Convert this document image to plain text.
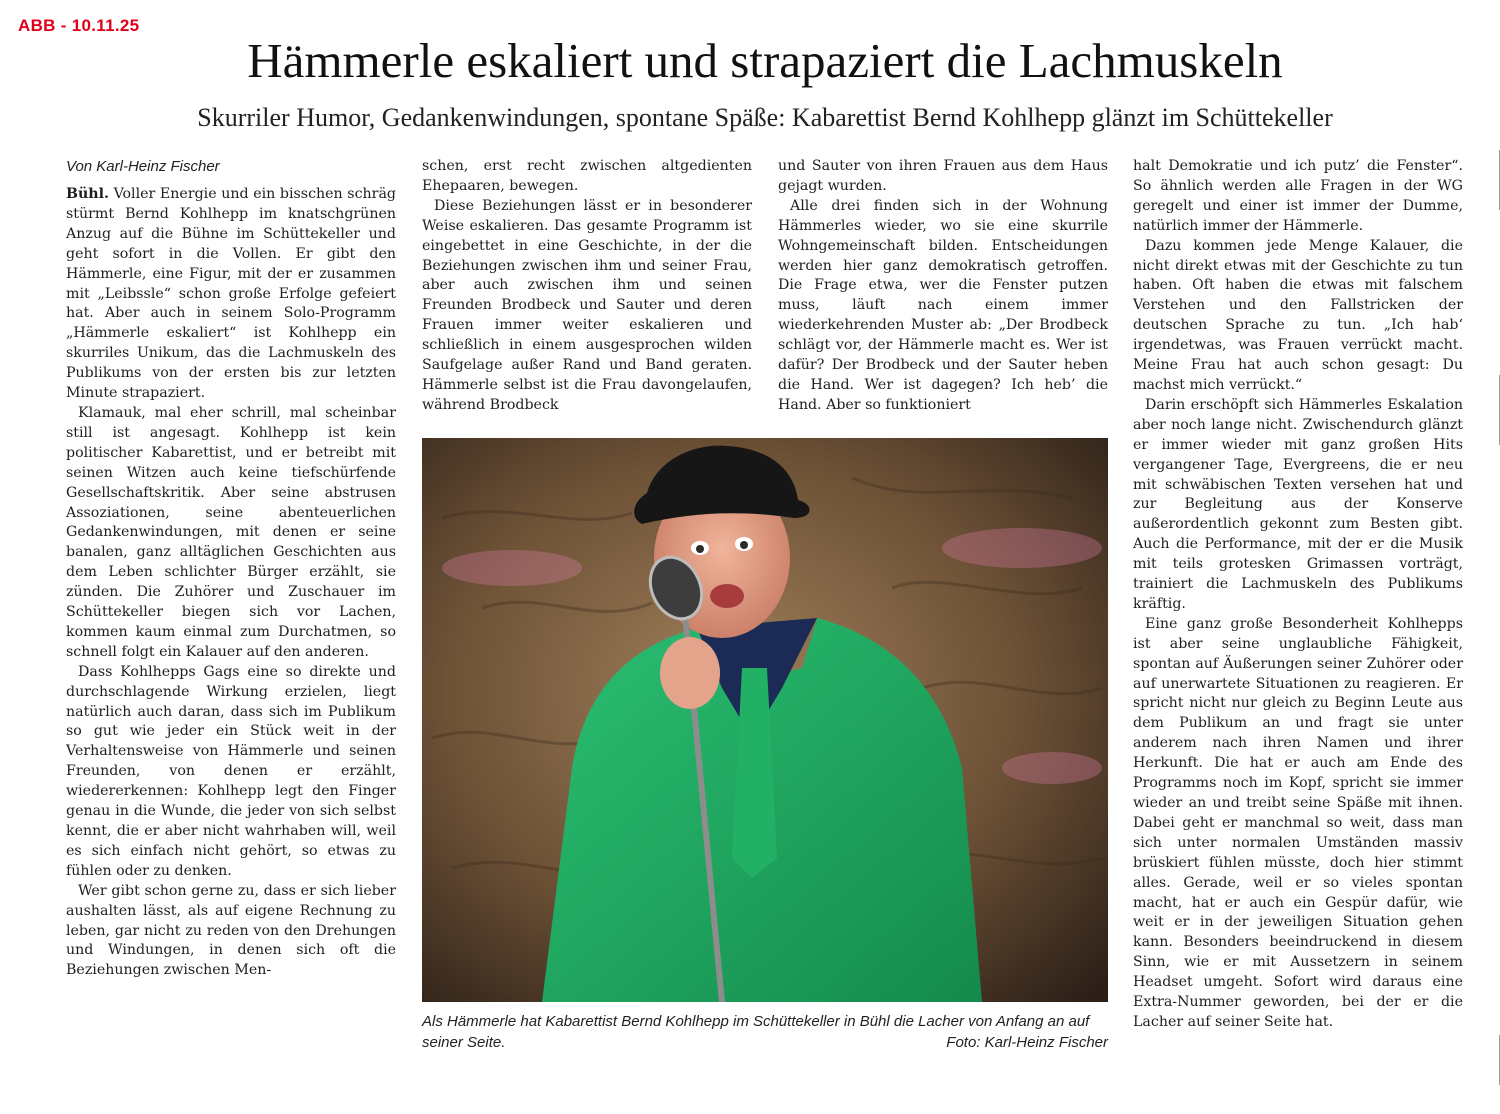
ABB - 10.11.25
Hämmerle eskaliert und strapaziert die Lachmuskeln
Skurriler Humor, Gedankenwindungen, spontane Späße: Kabarettist Bernd Kohlhepp glänzt im Schüttekeller
Von Karl-Heinz Fischer

Bühl. Voller Energie und ein bisschen schräg stürmt Bernd Kohlhepp im knatschgrünen Anzug auf die Bühne im Schüttekeller und geht sofort in die Vollen. Er gibt den Hämmerle, eine Figur, mit der er zusammen mit „Leibssle“ schon große Erfolge gefeiert hat. Aber auch in seinem Solo-Programm „Hämmerle eskaliert“ ist Kohlhepp ein skurriles Unikum, das die Lachmuskeln des Publikums von der ersten bis zur letzten Minute strapaziert.

Klamauk, mal eher schrill, mal scheinbar still ist angesagt. Kohlhepp ist kein politischer Kabarettist, und er betreibt mit seinen Witzen auch keine tiefschürfende Gesellschaftskritik. Aber seine abstrusen Assoziationen, seine abenteuerlichen Gedankenwindungen, mit denen er seine banalen, ganz alltäglichen Geschichten aus dem Leben schlichter Bürger erzählt, sie zünden. Die Zuhörer und Zuschauer im Schüttekeller biegen sich vor Lachen, kommen kaum einmal zum Durchatmen, so schnell folgt ein Kalauer auf den anderen.

Dass Kohlhepps Gags eine so direkte und durchschlagende Wirkung erzielen, liegt natürlich auch daran, dass sich im Publikum so gut wie jeder ein Stück weit in der Verhaltensweise von Hämmerle und seinen Freunden, von denen er erzählt, wiedererkennen: Kohlhepp legt den Finger genau in die Wunde, die jeder von sich selbst kennt, die er aber nicht wahrhaben will, weil es sich einfach nicht gehört, so etwas zu fühlen oder zu denken.

Wer gibt schon gerne zu, dass er sich lieber aushalten lässt, als auf eigene Rechnung zu leben, gar nicht zu reden von den Drehungen und Windungen, in denen sich oft die Beziehungen zwischen Men-

schen, erst recht zwischen altgedienten Ehepaaren, bewegen.

Diese Beziehungen lässt er in besonderer Weise eskalieren. Das gesamte Programm ist eingebettet in eine Geschichte, in der die Beziehungen zwischen ihm und seiner Frau, aber auch zwischen ihm und seinen Freunden Brodbeck und Sauter und deren Frauen immer weiter eskalieren und schließlich in einem ausgesprochen wilden Saufgelage außer Rand und Band geraten. Hämmerle selbst ist die Frau davongelaufen, während Brodbeck

und Sauter von ihren Frauen aus dem Haus gejagt wurden.

Alle drei finden sich in der Wohnung Hämmerles wieder, wo sie eine skurrile Wohngemeinschaft bilden. Entscheidungen werden hier ganz demokratisch getroffen. Die Frage etwa, wer die Fenster putzen muss, läuft nach einem immer wiederkehrenden Muster ab: „Der Brodbeck schlägt vor, der Hämmerle macht es. Wer ist dafür? Der Brodbeck und der Sauter heben die Hand. Wer ist dagegen? Ich heb’ die Hand. Aber so funktioniert

halt Demokratie und ich putz’ die Fenster“. So ähnlich werden alle Fragen in der WG geregelt und einer ist immer der Dumme, natürlich immer der Hämmerle.

Dazu kommen jede Menge Kalauer, die nicht direkt etwas mit der Geschichte zu tun haben. Oft haben die etwas mit falschem Verstehen und den Fallstricken der deutschen Sprache zu tun. „Ich hab‘ irgendetwas, was Frauen verrückt macht. Meine Frau hat auch schon gesagt: Du machst mich verrückt.“

Darin erschöpft sich Hämmerles Eskalation aber noch lange nicht. Zwischendurch glänzt er immer wieder mit ganz großen Hits vergangener Tage, Evergreens, die er neu mit schwäbischen Texten versehen hat und zur Begleitung aus der Konserve außerordentlich gekonnt zum Besten gibt. Auch die Performance, mit der er die Musik mit teils grotesken Grimassen vorträgt, trainiert die Lachmuskeln des Publikums kräftig.

Eine ganz große Besonderheit Kohlhepps ist aber seine unglaubliche Fähigkeit, spontan auf Äußerungen seiner Zuhörer oder auf unerwartete Situationen zu reagieren. Er spricht nicht nur gleich zu Beginn Leute aus dem Publikum an und fragt sie unter anderem nach ihren Namen und ihrer Herkunft. Die hat er auch am Ende des Programms noch im Kopf, spricht sie immer wieder an und treibt seine Späße mit ihnen. Dabei geht er manchmal so weit, dass man sich unter normalen Umständen massiv brüskiert fühlen müsste, doch hier stimmt alles. Gerade, weil er so vieles spontan macht, hat er auch ein Gespür dafür, wie weit er in der jeweiligen Situation gehen kann. Besonders beeindruckend in diesem Sinn, wie er mit Aussetzern in seinem Headset umgeht. Sofort wird daraus eine Extra-Nummer geworden, bei der er die Lacher auf seiner Seite hat.

Als Hämmerle hat Kabarettist Bernd Kohlhepp im Schüttekeller in Bühl die Lacher von Anfang an auf seiner Seite.	Foto: Karl-Heinz Fischer
